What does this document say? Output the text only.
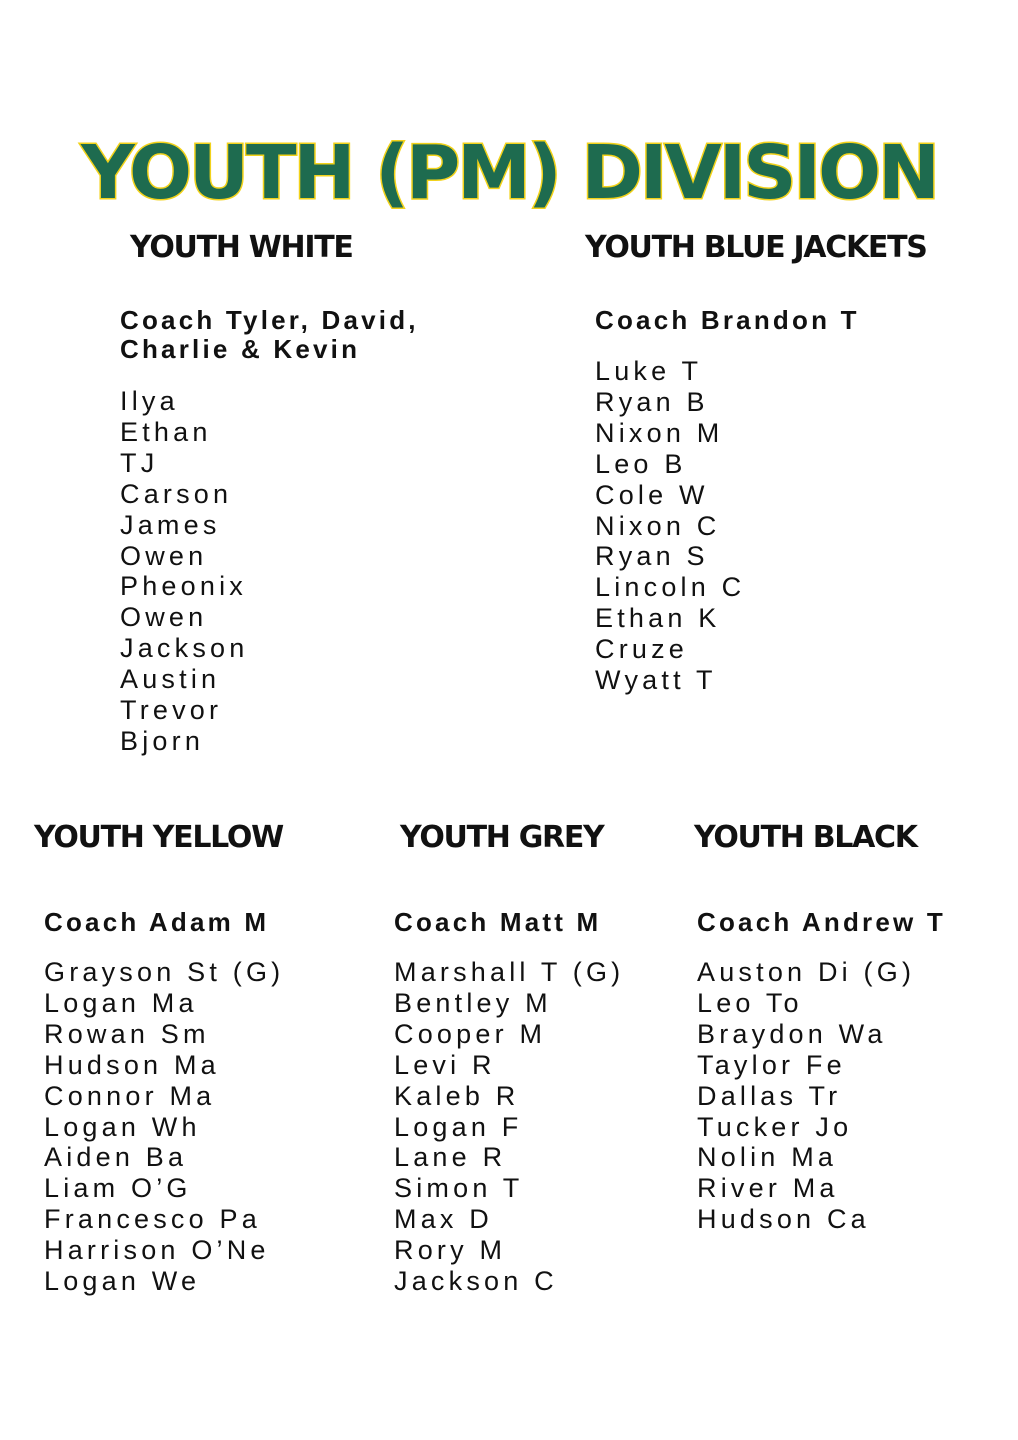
YOUTH (PM) DIVISION
YOUTH WHITE

Coach Tyler, David,
Charlie & Kevin

Ilya
Ethan
TJ
Carson
James
Owen
Pheonix
Owen
Jackson
Austin
Trevor
Bjorn
YOUTH BLUE JACKETS

Coach Brandon T

Luke T
Ryan B
Nixon M
Leo B
Cole W
Nixon C
Ryan S
Lincoln C
Ethan K
Cruze
Wyatt T
YOUTH YELLOW

Coach Adam M

Grayson St (G)
Logan Ma
Rowan Sm
Hudson Ma
Connor Ma
Logan Wh
Aiden Ba
Liam O’G
Francesco Pa
Harrison O’Ne
Logan We
YOUTH GREY

Coach Matt M

Marshall T (G)
Bentley M
Cooper M
Levi R
Kaleb R
Logan F
Lane R
Simon T
Max D
Rory M
Jackson C
YOUTH BLACK

Coach Andrew T

Auston Di (G)
Leo To
Braydon Wa
Taylor Fe
Dallas Tr
Tucker Jo
Nolin Ma
River Ma
Hudson Ca
